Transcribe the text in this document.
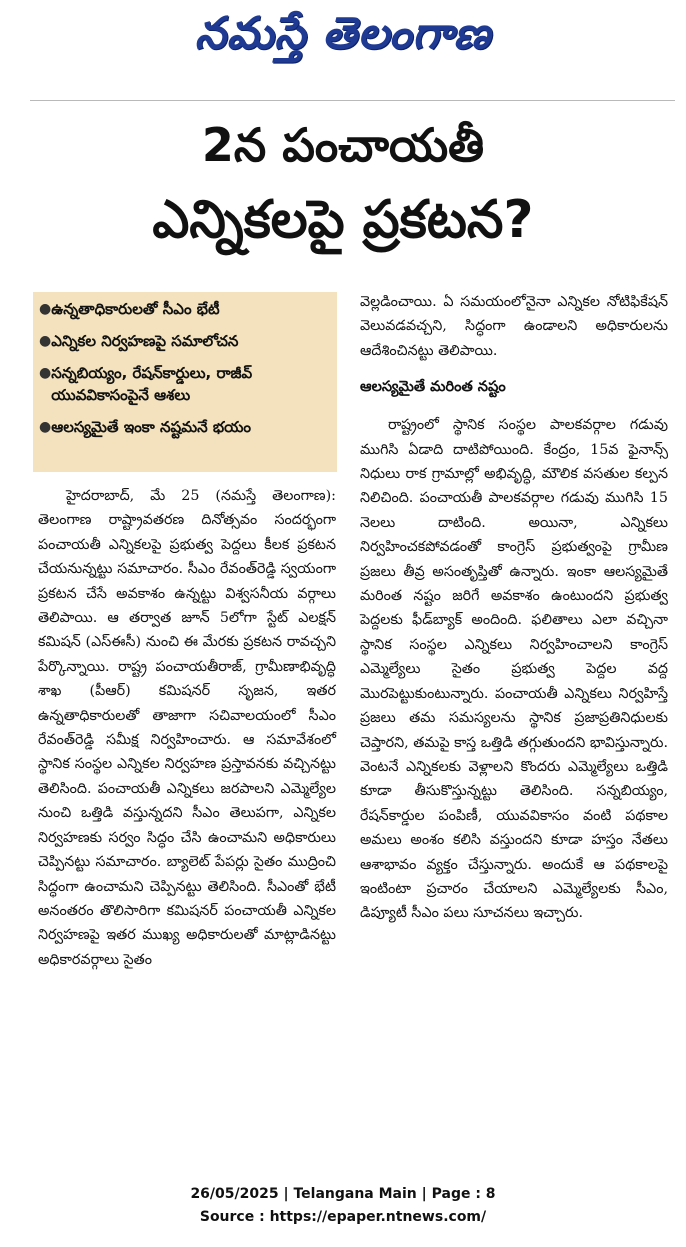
నమస్తే తెలంగాణ
2న పంచాయతీ
ఎన్నికలపై ప్రకటన?
● ఉన్నతాధికారులతో సీఎం భేటీ
● ఎన్నికల నిర్వహణపై సమాలోచన
● సన్నబియ్యం, రేషన్‌కార్డులు, రాజీవ్ యువవికాసంపైనే ఆశలు
● ఆలస్యమైతే ఇంకా నష్టమనే భయం

హైదరాబాద్, మే 25 (నమస్తే తెలంగాణ): తెలంగాణ రాష్ట్రావతరణ దినోత్సవం సందర్భంగా పంచాయతీ ఎన్నికలపై ప్రభుత్వ పెద్దలు కీలక ప్రకటన చేయనున్నట్టు సమాచారం. సీఎం రేవంత్‌రెడ్డి స్వయంగా ప్రకటన చేసే అవకాశం ఉన్నట్టు విశ్వసనీయ వర్గాలు తెలిపాయి. ఆ తర్వాత జూన్ 5లోగా స్టేట్ ఎలక్షన్ కమిషన్ (ఎస్‌ఈసీ) నుంచి ఈ మేరకు ప్రకటన రావచ్చని పేర్కొన్నాయి. రాష్ట్ర పంచాయతీరాజ్, గ్రామీణాభివృద్ధి శాఖ (పీఆర్) కమిషనర్ సృజన, ఇతర ఉన్నతాధికారులతో తాజాగా సచివాలయంలో సీఎం రేవంత్‌రెడ్డి సమీక్ష నిర్వహించారు. ఆ సమావేశంలో స్థానిక సంస్థల ఎన్నికల నిర్వహణ ప్రస్తావనకు వచ్చినట్టు తెలిసింది. పంచాయతీ ఎన్నికలు జరపాలని ఎమ్మెల్యేల నుంచి ఒత్తిడి వస్తున్నదని సీఎం తెలుపగా, ఎన్నికల నిర్వహణకు సర్వం సిద్ధం చేసి ఉంచామని అధికారులు చెప్పినట్టు సమాచారం. బ్యాలెట్ పేపర్లు సైతం ముద్రించి సిద్ధంగా ఉంచామని చెప్పినట్టు తెలిసింది. సీఎంతో భేటీ అనంతరం తొలిసారిగా కమిషనర్ పంచాయతీ ఎన్నికల నిర్వహణపై ఇతర ముఖ్య అధికారులతో మాట్లాడినట్టు అధికారవర్గాలు సైతం

వెల్లడించాయి. ఏ సమయంలోనైనా ఎన్నికల నోటిఫికేషన్ వెలువడవచ్చని, సిద్ధంగా ఉండాలని అధికారులను ఆదేశించినట్టు తెలిపాయి.

ఆలస్యమైతే మరింత నష్టం

రాష్ట్రంలో స్థానిక సంస్థల పాలకవర్గాల గడువు ముగిసి ఏడాది దాటిపోయింది. కేంద్రం, 15వ ఫైనాన్స్ నిధులు రాక గ్రామాల్లో అభివృద్ధి, మౌలిక వసతుల కల్పన నిలిచింది. పంచాయతీ పాలకవర్గాల గడువు ముగిసి 15 నెలలు దాటింది. అయినా, ఎన్నికలు నిర్వహించకపోవడంతో కాంగ్రెస్ ప్రభుత్వంపై గ్రామీణ ప్రజలు తీవ్ర అసంతృప్తితో ఉన్నారు. ఇంకా ఆలస్యమైతే మరింత నష్టం జరిగే అవకాశం ఉంటుందని ప్రభుత్వ పెద్దలకు ఫీడ్‌బ్యాక్ అందింది. ఫలితాలు ఎలా వచ్చినా స్థానిక సంస్థల ఎన్నికలు నిర్వహించాలని కాంగ్రెస్ ఎమ్మెల్యేలు సైతం ప్రభుత్వ పెద్దల వద్ద మొరపెట్టుకుంటున్నారు. పంచాయతీ ఎన్నికలు నిర్వహిస్తే ప్రజలు తమ సమస్యలను స్థానిక ప్రజాప్రతినిధులకు చెప్తారని, తమపై కాస్త ఒత్తిడి తగ్గుతుందని భావిస్తున్నారు. వెంటనే ఎన్నికలకు వెళ్లాలని కొందరు ఎమ్మెల్యేలు ఒత్తిడి కూడా తీసుకొస్తున్నట్టు తెలిసింది. సన్నబియ్యం, రేషన్‌కార్డుల పంపిణీ, యువవికాసం వంటి పథకాల అమలు అంశం కలిసి వస్తుందని కూడా హస్తం నేతలు ఆశాభావం వ్యక్తం చేస్తున్నారు. అందుకే ఆ పథకాలపై ఇంటింటా ప్రచారం చేయాలని ఎమ్మెల్యేలకు సీఎం, డిప్యూటీ సీఎం పలు సూచనలు ఇచ్చారు.

26/05/2025 | Telangana Main | Page : 8
Source : https://epaper.ntnews.com/
